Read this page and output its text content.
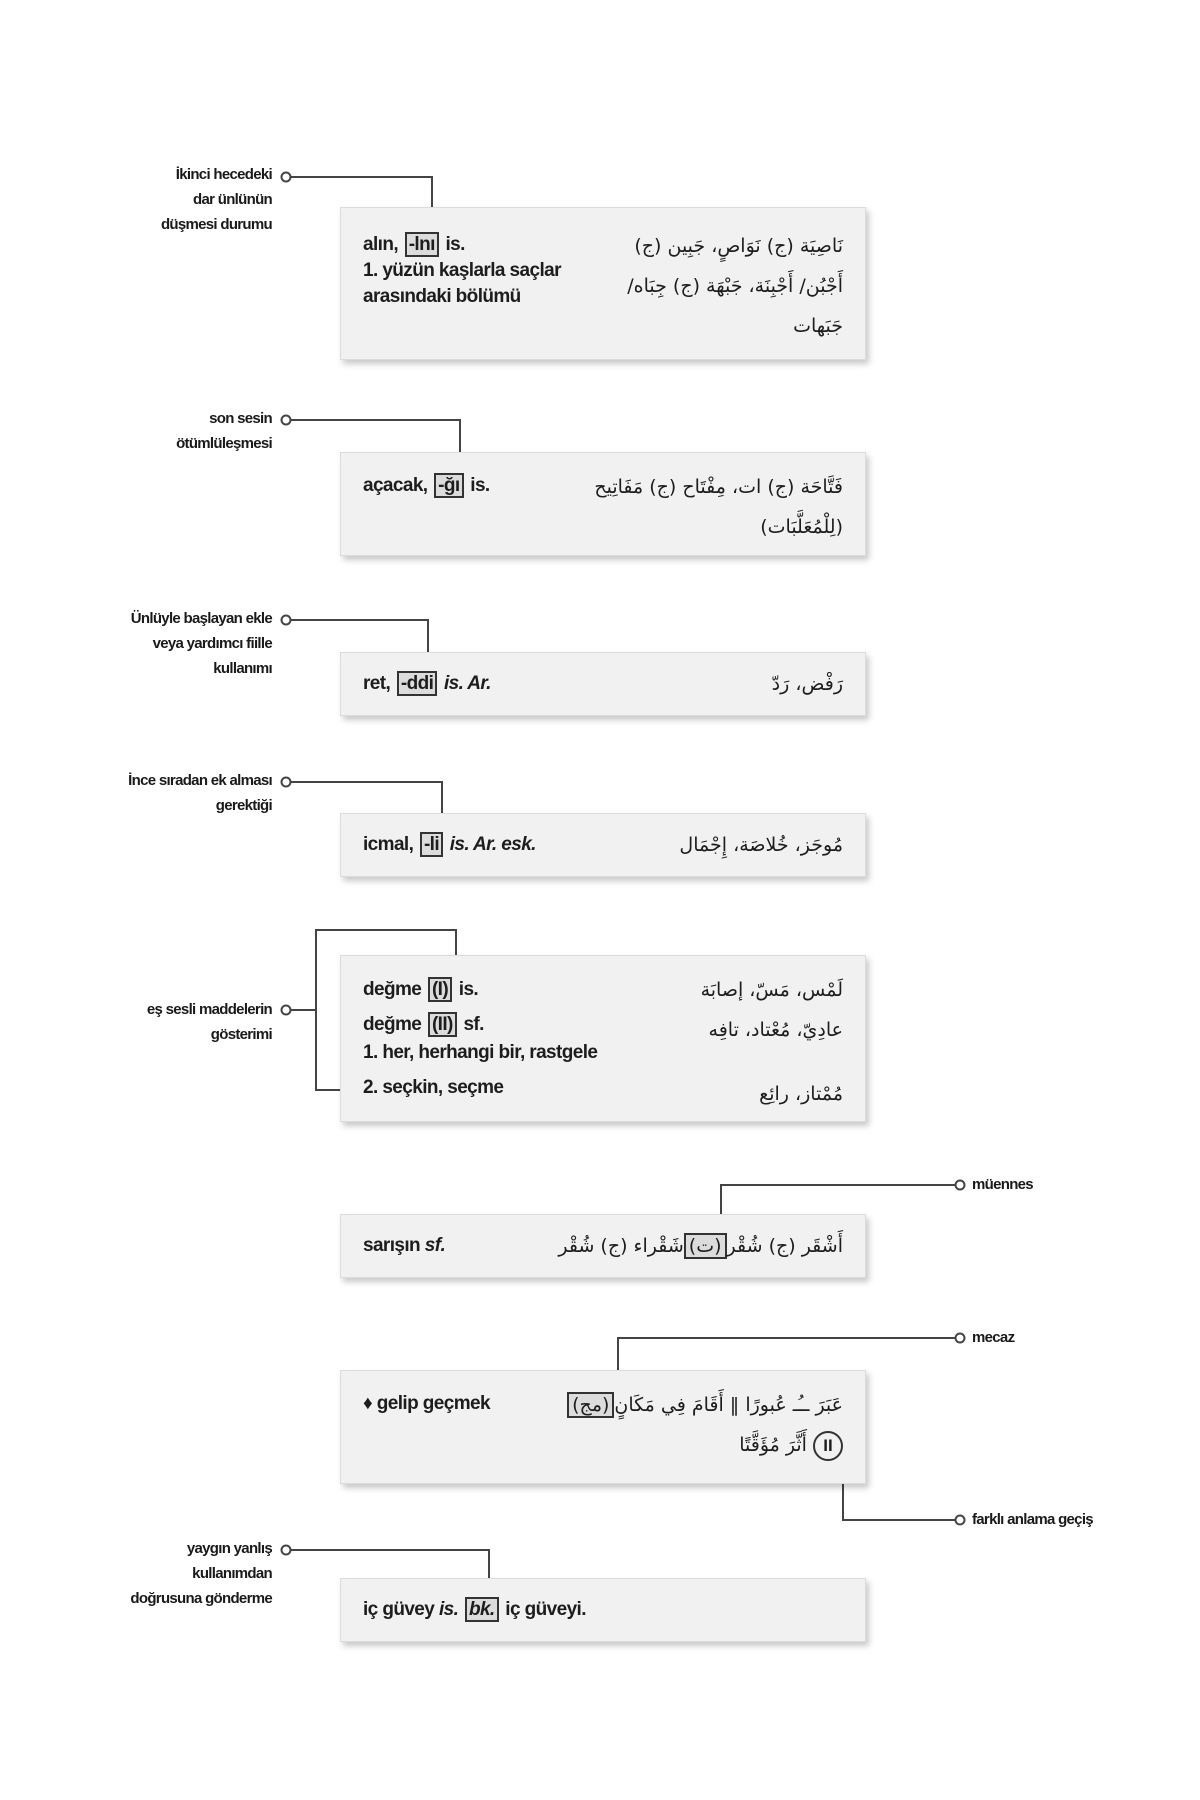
İkinci hecedeki
dar ünlünün
düşmesi durumu
son sesin
ötümlüleşmesi
Ünlüyle başlayan ekle
veya yardımcı fiille
kullanımı
İnce sıradan ek alması
gerektiği
eş sesli maddelerin
gösterimi
müennes
mecaz
farklı anlama geçiş
yaygın yanlış
kullanımdan
doğrusuna gönderme
alın, -lnı is.
1. yüzün kaşlarla saçlar
arasındaki bölümü
نَاصِيَة (ج) نَوَاصٍ، جَبِين (ج)
أَجْبُن/ أَجْبِنَة، جَبْهَة (ج) جِبَاه/
جَبَهات
açacak, -ğı is.	فَتَّاحَة (ج) ات، مِفْتَاح (ج) مَفَاتِيح
(لِلْمُعَلَّبَات)
ret, -ddi is. Ar.	رَفْض، رَدّ
icmal, -li is. Ar. esk.	مُوجَز، خُلاصَة، إِجْمَال
değme (I) is.
değme (II) sf.
1. her, herhangi bir, rastgele
2. seçkin, seçme
لَمْس، مَسّ، إصابَة
عادِيّ، مُعْتاد، تافِه
مُمْتاز، رائِع
sarışın sf.	أَشْقَر (ج) شُقْر(ت)شَقْراء (ج) شُقْر
♦ gelip geçmek	عَبَرَ ــُـ عُبورًا ‖ أَقَامَ فِي مَكَانٍ(مج)
II أَثَّرَ مُؤَقَّتًا
iç güvey is. bk. iç güveyi.
